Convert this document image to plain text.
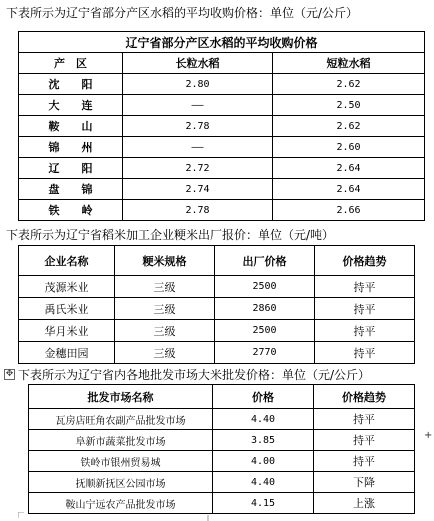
下表所示为辽宁省部分产区水稻的平均收购价格：单位（元/公斤）
辽宁省部分产区水稻的平均收购价格		
产　区	长粒水稻	短粒水稻
沈　　阳	2.80	2.62
大　　连	——	2.50
鞍　　山	2.78	2.62
锦　　州	——	2.60
辽　　阳	2.72	2.64
盘　　锦	2.74	2.64
铁　　岭	2.78	2.66
下表所示为辽宁省稻米加工企业粳米出厂报价：单位（元/吨）
企业名称	粳米规格	出厂价格	价格趋势
茂源米业	三级	2500	持平
禹氏米业	三级	2860	持平
华月米业	三级	2500	持平
金穗田园	三级	2770	持平
✥ 下表所示为辽宁省内各地批发市场大米批发价格：单位（元/公斤）
批发市场名称	价格	价格趋势
瓦房店旺角农副产品批发市场	4.40	持平
阜新市蔬菜批发市场	3.85	持平
铁岭市银州贸易城	4.00	持平
抚顺新抚区公园市场	4.40	下降
鞍山宁远农产品批发市场	4.15	上涨
+
